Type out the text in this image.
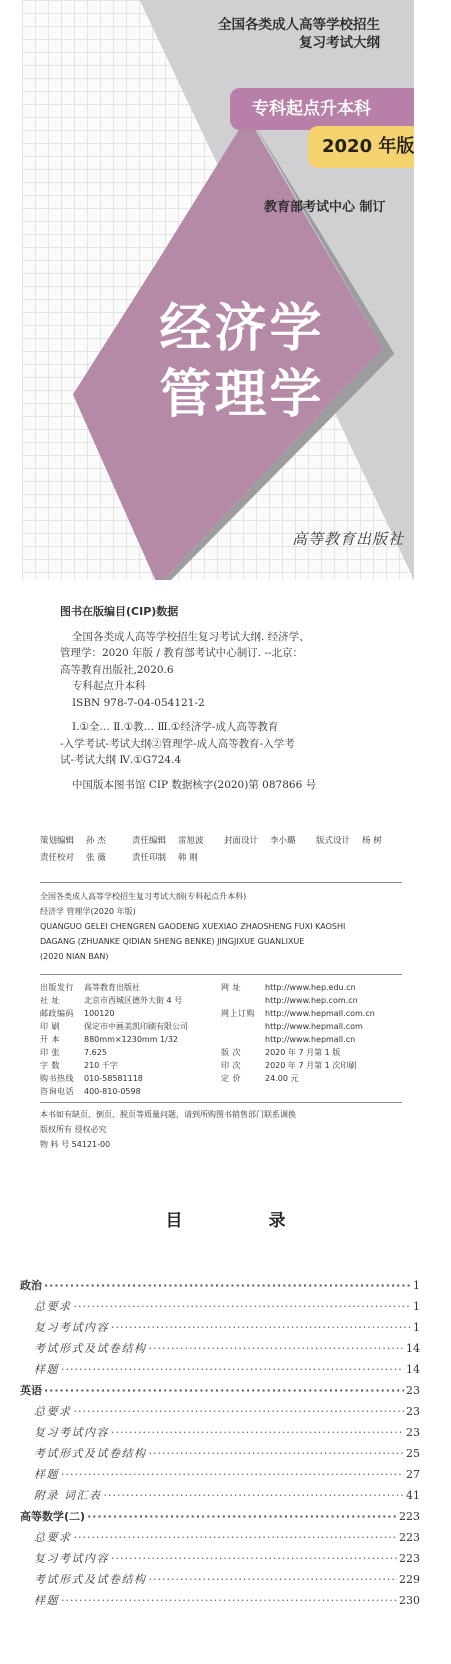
全国各类成人高等学校招生
复习考试大纲
专科起点升本科
2020 年版
教育部考试中心 制订
经济学
管理学
高等教育出版社
图书在版编目(CIP)数据
全国各类成人高等学校招生复习考试大纲. 经济学、
管理学：2020 年版 / 教育部考试中心制订. --北京：
高等教育出版社,2020.6
专科起点升本科
ISBN 978-7-04-054121-2
Ⅰ.①全… Ⅱ.①教… Ⅲ.①经济学-成人高等教育
-入学考试-考试大纲②管理学-成人高等教育-入学考
试-考试大纲 Ⅳ.①G724.4
中国版本图书馆 CIP 数据核字(2020)第 087866 号
策划编辑	孙 杰	责任编辑	雷旭波	封面设计	李小璐	版式设计	杨 树
责任校对	张 薇	责任印制	韩 刚
全国各类成人高等学校招生复习考试大纲(专科起点升本科)
经济学 管理学(2020 年版)
QUANGUO GELEI CHENGREN GAODENG XUEXIAO ZHAOSHENG FUXI KAOSHI
DAGANG (ZHUANKE QIDIAN SHENG BENKE) JINGJIXUE GUANLIXUE
(2020 NIAN BAN)
出版发行	高等教育出版社
社 址	北京市西城区德外大街 4 号
邮政编码	100120
印 刷	保定市中画美凯印刷有限公司
开 本	880mm×1230mm 1/32
印 张	7.625
字 数	210 千字
购书热线	010-58581118
咨询电话	400-810-0598
网 址	http://www.hep.edu.cn
http://www.hep.com.cn
网上订购	http://www.hepmall.com.cn
http://www.hepmall.com
http://www.hepmall.cn
版 次	2020 年 7 月第 1 版
印 次	2020 年 7 月第 1 次印刷
定 价	24.00 元
本书如有缺页、倒页、脱页等质量问题，请到所购图书销售部门联系调换
版权所有 侵权必究
物 料 号 54121-00
目 录
政治 ·····	1
总要求 ·····	1
复习考试内容 ·····	1
考试形式及试卷结构 ·····	14
样题 ·····	14
英语 ·····	23
总要求 ·····	23
复习考试内容 ·····	23
考试形式及试卷结构 ·····	25
样题 ·····	27
附录 词汇表 ·····	41
高等数学(二) ·····	223
总要求 ·····	223
复习考试内容 ·····	223
考试形式及试卷结构 ·····	229
样题 ·····	230
